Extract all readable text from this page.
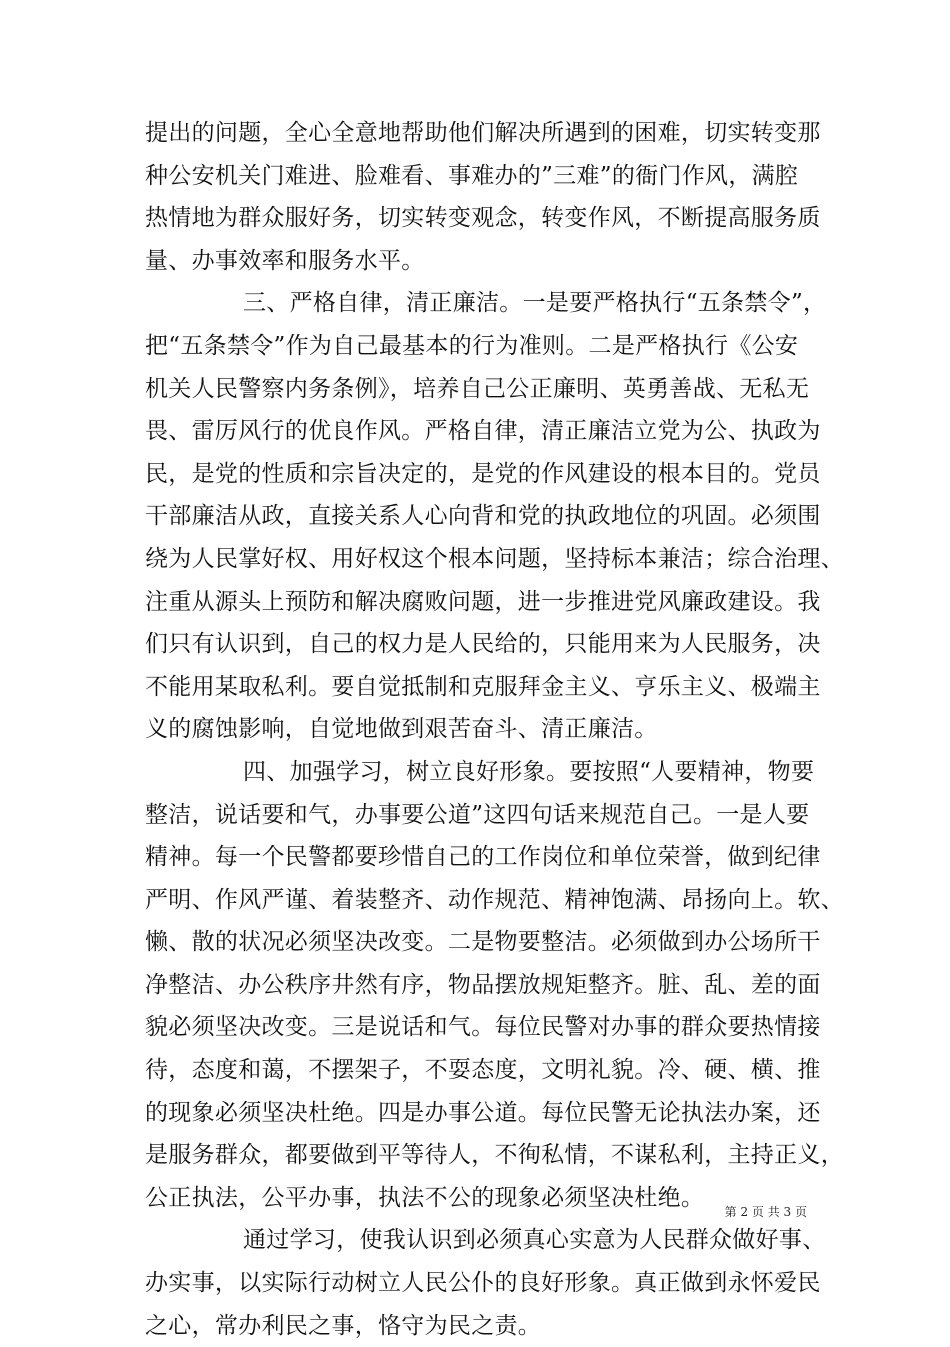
提出的问题，全心全意地帮助他们解决所遇到的困难，切实转变那
种公安机关门难进、脸难看、事难办的”三难”的衙门作风，满腔
热情地为群众服好务，切实转变观念，转变作风，不断提高服务质
量、办事效率和服务水平。
三、严格自律，清正廉洁。一是要严格执行“五条禁令”，
把“五条禁令”作为自己最基本的行为准则。二是严格执行《公安
机关人民警察内务条例》，培养自己公正廉明、英勇善战、无私无
畏、雷厉风行的优良作风。严格自律，清正廉洁立党为公、执政为
民，是党的性质和宗旨决定的，是党的作风建设的根本目的。党员
干部廉洁从政，直接关系人心向背和党的执政地位的巩固。必须围
绕为人民掌好权、用好权这个根本问题，坚持标本兼洁；综合治理、
注重从源头上预防和解决腐败问题，进一步推进党风廉政建设。我
们只有认识到，自己的权力是人民给的，只能用来为人民服务，决
不能用某取私利。要自觉抵制和克服拜金主义、亨乐主义、极端主
义的腐蚀影响，自觉地做到艰苦奋斗、清正廉洁。
四、加强学习，树立良好形象。要按照“人要精神，物要
整洁，说话要和气，办事要公道”这四句话来规范自己。一是人要
精神。每一个民警都要珍惜自己的工作岗位和单位荣誉，做到纪律
严明、作风严谨、着装整齐、动作规范、精神饱满、昂扬向上。软、
懒、散的状况必须坚决改变。二是物要整洁。必须做到办公场所干
净整洁、办公秩序井然有序，物品摆放规矩整齐。脏、乱、差的面
貌必须坚决改变。三是说话和气。每位民警对办事的群众要热情接
待，态度和蔼，不摆架子，不耍态度，文明礼貌。冷、硬、横、推
的现象必须坚决杜绝。四是办事公道。每位民警无论执法办案，还
是服务群众，都要做到平等待人，不徇私情，不谋私利，主持正义，
公正执法，公平办事，执法不公的现象必须坚决杜绝。
通过学习，使我认识到必须真心实意为人民群众做好事、
办实事，以实际行动树立人民公仆的良好形象。真正做到永怀爱民
之心，常办利民之事，恪守为民之责。
第 2 页 共 3 页
